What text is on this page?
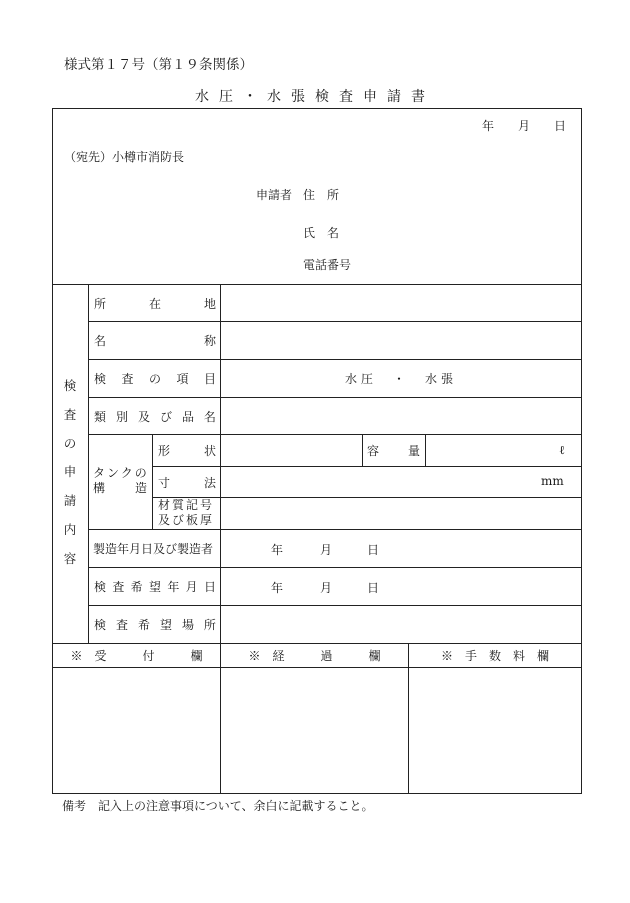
様式第１７号（第１９条関係）
水圧・水張検査申請書
年 月 日
（宛先）小樽市消防長
申請者 住　所
氏　名
電話番号
検
査
の
申
請
内
容
所	在	地
名	称
検 査 の 項 目	水圧　・　水張
類 別 及 び 品 名
タンクの
構 造
形	状	容 量	ℓ
寸	法	mm
材質記号
及び板厚
製造年月日及び製造者	年	月	日
検 査 希 望 年 月 日	年	月	日
検 査 希 望 場 所
※　受　　　付　　　欄	※　経　　　過　　　欄	※　手　数　料　欄
備考　記入上の注意事項について、余白に記載すること。
